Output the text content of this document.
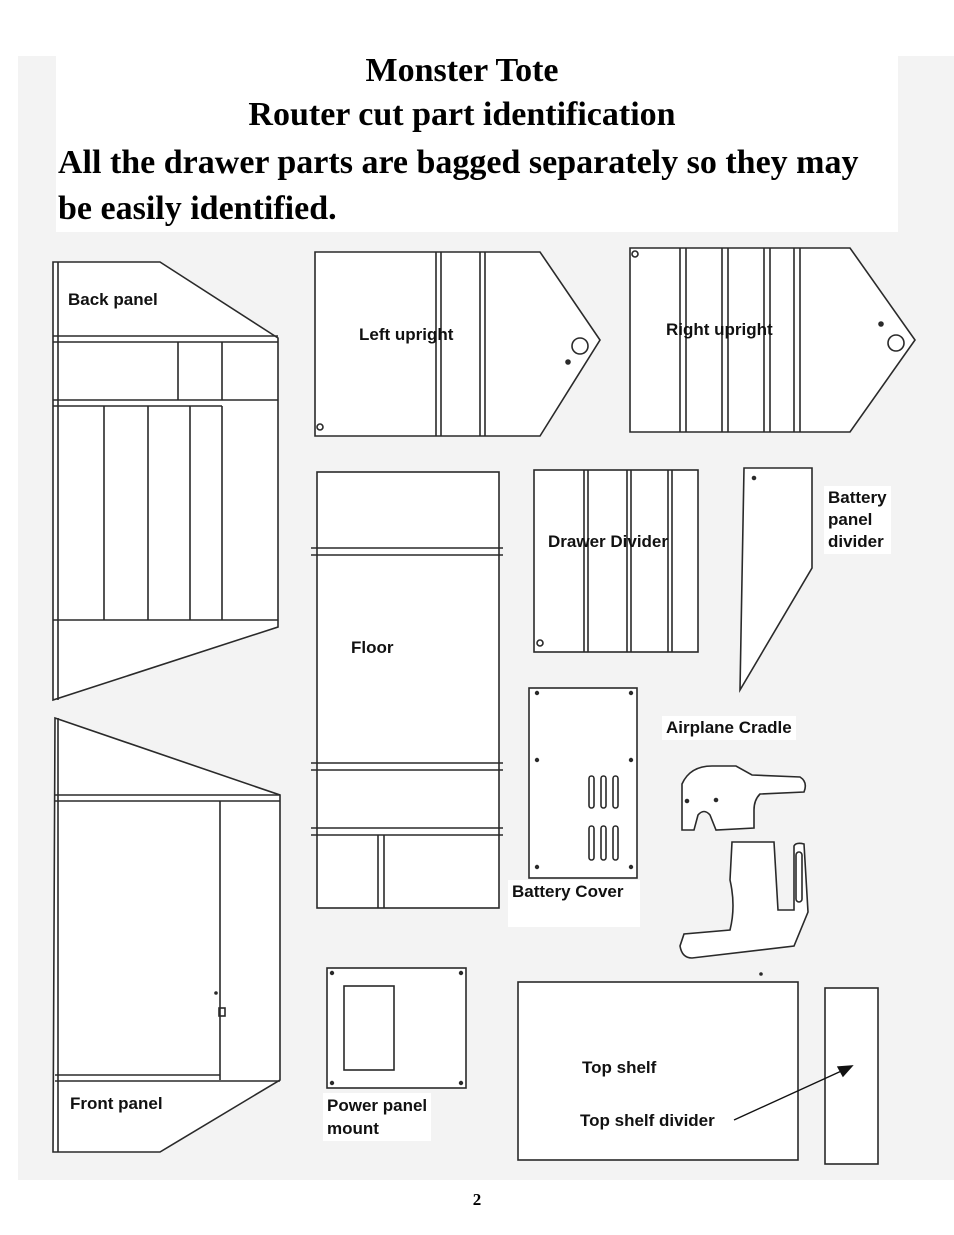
Monster Tote
Router cut part identification

All the drawer parts are bagged separately so they may be easily identified.

Back panel
Left upright	Right upright
Floor
Drawer Divider
Battery
panel
divider
Airplane Cradle
Battery Cover
Front panel	Power panel
mount
Top shelf
Top shelf divider
2
